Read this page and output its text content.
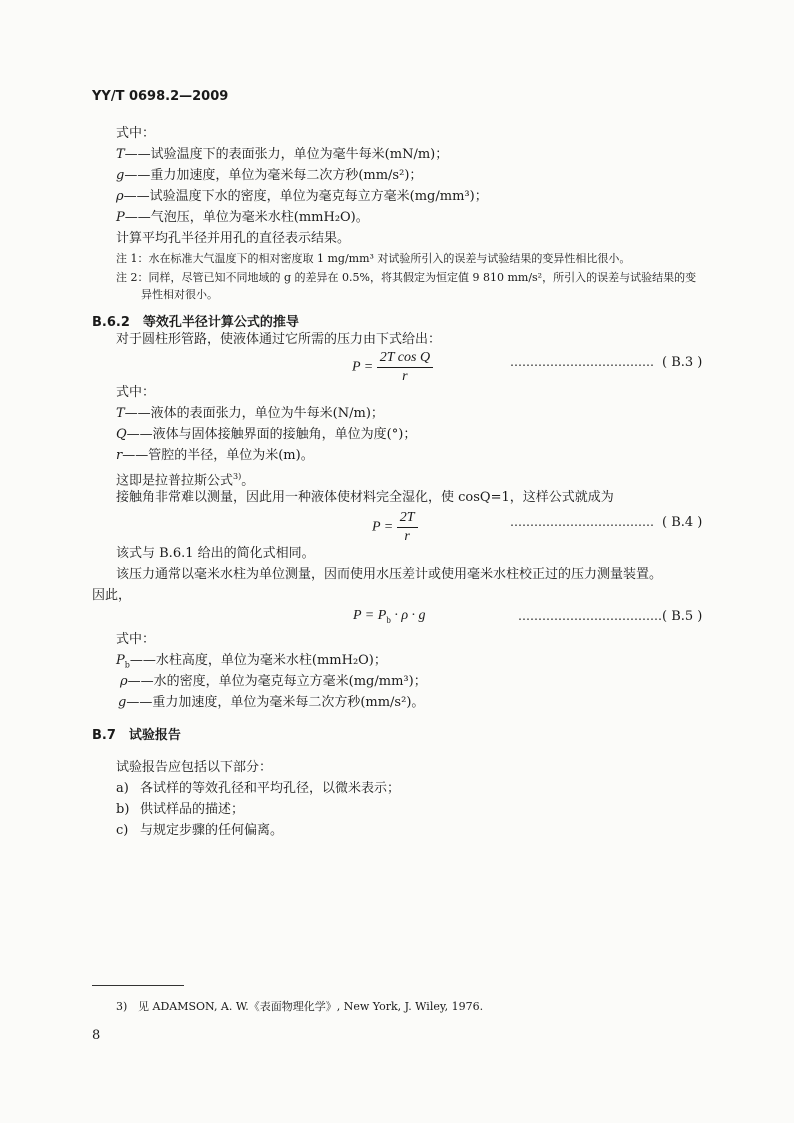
YY/T 0698.2—2009
式中：
T——试验温度下的表面张力，单位为毫牛每米(mN/m)；
g——重力加速度，单位为毫米每二次方秒(mm/s²)；
ρ——试验温度下水的密度，单位为毫克每立方毫米(mg/mm³)；
P——气泡压，单位为毫米水柱(mmH₂O)。
计算平均孔半径并用孔的直径表示结果。
注 1：水在标准大气温度下的相对密度取 1 mg/mm³ 对试验所引入的误差与试验结果的变异性相比很小。
注 2：同样，尽管已知不同地域的 g 的差异在 0.5%，将其假定为恒定值 9 810 mm/s²，所引入的误差与试验结果的变
异性相对很小。
B.6.2　等效孔半径计算公式的推导
对于圆柱形管路，使液体通过它所需的压力由下式给出：
$P = \frac{\text{2T cos Q}}{r}$	……………………………… ( B.3 )
式中：
T——液体的表面张力，单位为牛每米(N/m)；
Q——液体与固体接触界面的接触角，单位为度(°)；
r——管腔的半径，单位为米(m)。
这即是拉普拉斯公式$^{3)}$。
接触角非常难以测量，因此用一种液体使材料完全湿化，使 cosQ=1，这样公式就成为
$P = \frac{2T}{r}$	……………………………… ( B.4 )
该式与 B.6.1 给出的简化式相同。
该压力通常以毫米水柱为单位测量，因而使用水压差计或使用毫米水柱校正过的压力测量装置。
因此，
$P = P_b \cdot \rho \cdot g$	……………………………… ( B.5 )
式中：
$P_b——$水柱高度，单位为毫米水柱(mmH₂O)；
ρ——水的密度，单位为毫克每立方毫米(mg/mm³)；
g——重力加速度，单位为毫米每二次方秒(mm/s²)。
B.7　试验报告
试验报告应包括以下部分：
a) 各试样的等效孔径和平均孔径，以微米表示；
b) 供试样品的描述；
c) 与规定步骤的任何偏离。
3) 见 ADAMSON, A. W.《表面物理化学》, New York, J. Wiley, 1976.
8
